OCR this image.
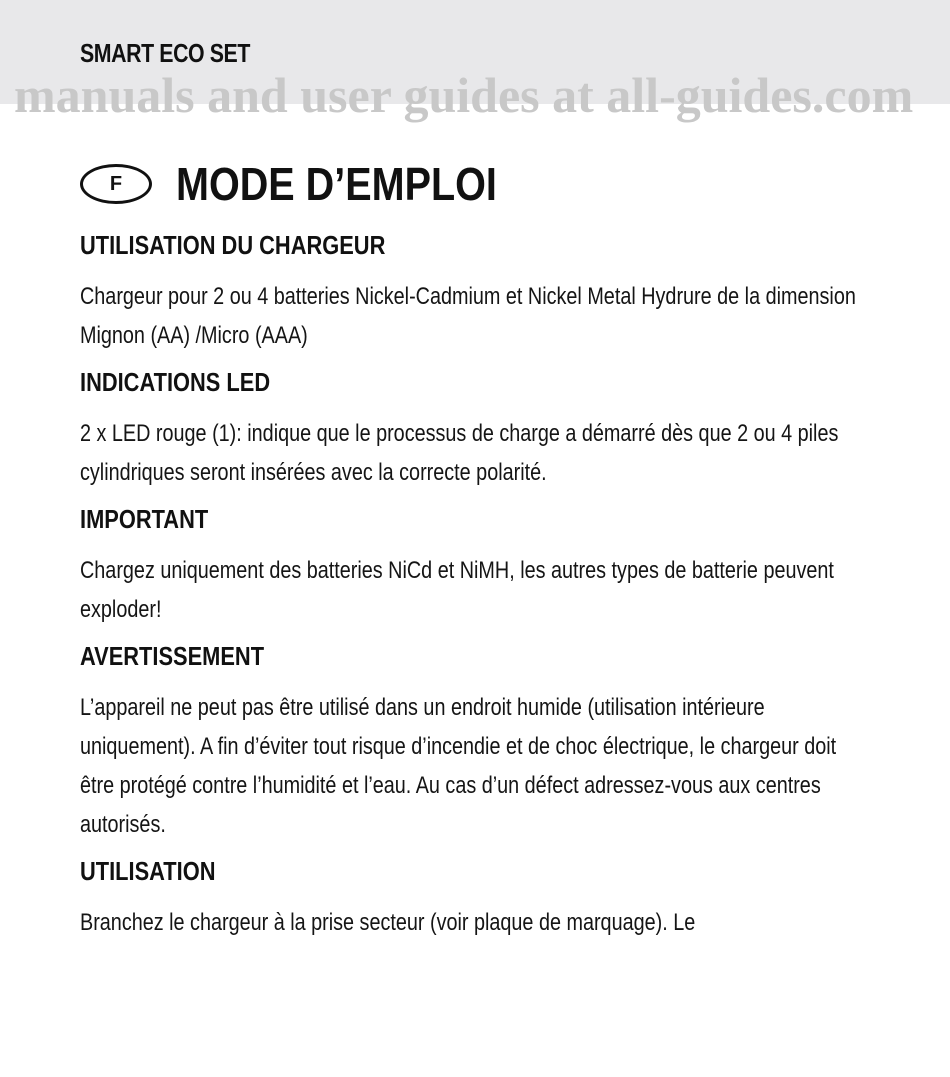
SMART ECO SET
manuals and user guides at all-guides.com
F	MODE D’EMPLOI
UTILISATION DU CHARGEUR
Chargeur pour 2 ou 4 batteries Nickel-Cadmium et Nickel Metal Hydrure de la dimension Mignon (AA) /Micro (AAA)
INDICATIONS LED
2 x LED rouge (1): indique que le processus de charge a démarré dès que 2 ou 4 piles cylindriques seront insérées avec la correcte polarité.
IMPORTANT
Chargez uniquement des batteries NiCd et NiMH, les autres types de batterie peuvent exploder!
AVERTISSEMENT
L’appareil ne peut pas être utilisé dans un endroit humide (utilisation intérieure uniquement). A fin d’éviter tout risque d’incendie et de choc électrique, le chargeur doit être protégé contre l’humidité et l’eau. Au cas d’un défect adressez-vous aux centres autorisés.
UTILISATION
Branchez le chargeur à la prise secteur (voir plaque de marquage). Le
